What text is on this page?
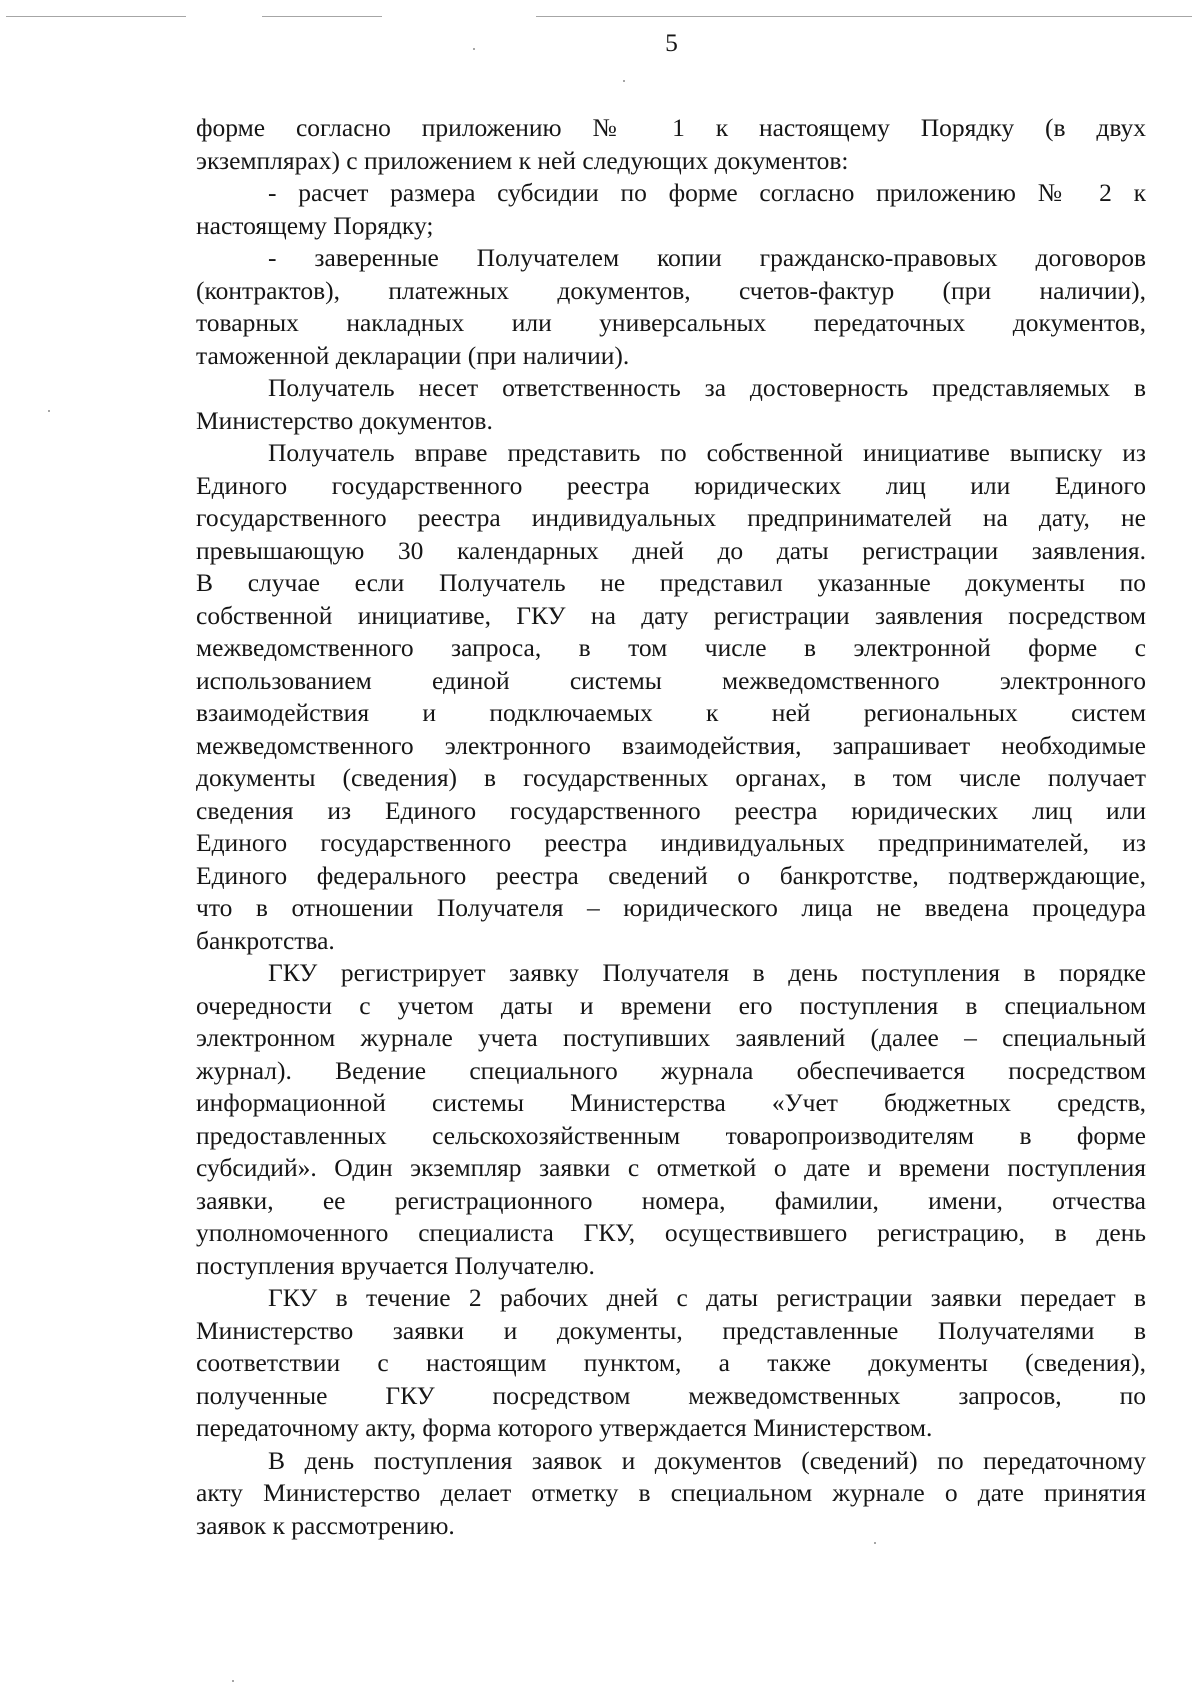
5
форме согласно приложению № 1 к настоящему Порядку (в двух
экземплярах) с приложением к ней следующих документов:
- расчет размера субсидии по форме согласно приложению № 2 к
настоящему Порядку;
- заверенные Получателем копии гражданско-правовых договоров
(контрактов), платежных документов, счетов-фактур (при наличии),
товарных накладных или универсальных передаточных документов,
таможенной декларации (при наличии).
Получатель несет ответственность за достоверность представляемых в
Министерство документов.
Получатель вправе представить по собственной инициативе выписку из
Единого государственного реестра юридических лиц или Единого
государственного реестра индивидуальных предпринимателей на дату, не
превышающую 30 календарных дней до даты регистрации заявления.
В случае если Получатель не представил указанные документы по
собственной инициативе, ГКУ на дату регистрации заявления посредством
межведомственного запроса, в том числе в электронной форме с
использованием единой системы межведомственного электронного
взаимодействия и подключаемых к ней региональных систем
межведомственного электронного взаимодействия, запрашивает необходимые
документы (сведения) в государственных органах, в том числе получает
сведения из Единого государственного реестра юридических лиц или
Единого государственного реестра индивидуальных предпринимателей, из
Единого федерального реестра сведений о банкротстве, подтверждающие,
что в отношении Получателя – юридического лица не введена процедура
банкротства.
ГКУ регистрирует заявку Получателя в день поступления в порядке
очередности с учетом даты и времени его поступления в специальном
электронном журнале учета поступивших заявлений (далее – специальный
журнал). Ведение специального журнала обеспечивается посредством
информационной системы Министерства «Учет бюджетных средств,
предоставленных сельскохозяйственным товаропроизводителям в форме
субсидий». Один экземпляр заявки с отметкой о дате и времени поступления
заявки, ее регистрационного номера, фамилии, имени, отчества
уполномоченного специалиста ГКУ, осуществившего регистрацию, в день
поступления вручается Получателю.
ГКУ в течение 2 рабочих дней с даты регистрации заявки передает в
Министерство заявки и документы, представленные Получателями в
соответствии с настоящим пунктом, а также документы (сведения),
полученные ГКУ посредством межведомственных запросов, по
передаточному акту, форма которого утверждается Министерством.
В день поступления заявок и документов (сведений) по передаточному
акту Министерство делает отметку в специальном журнале о дате принятия
заявок к рассмотрению.
